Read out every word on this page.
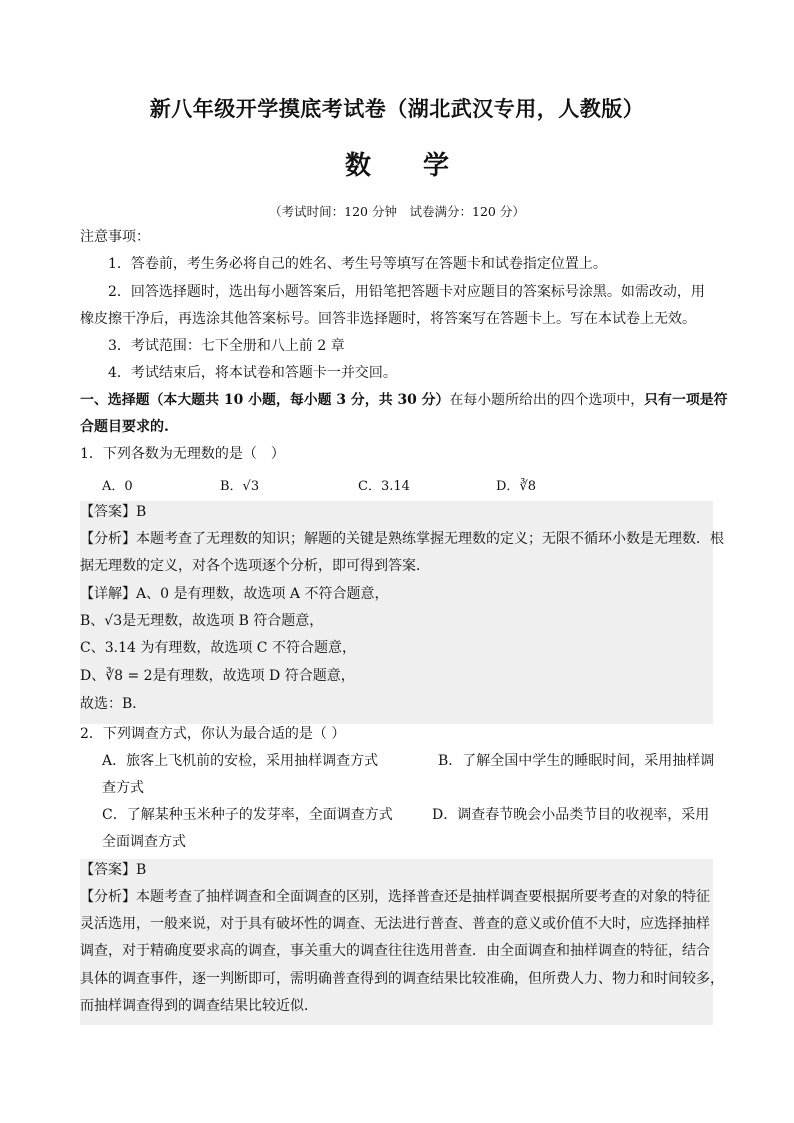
新八年级开学摸底考试卷（湖北武汉专用，人教版）
数学
（考试时间：120 分钟　试卷满分：120 分）
注意事项：
1．答卷前，考生务必将自己的姓名、考生号等填写在答题卡和试卷指定位置上。
2．回答选择题时，选出每小题答案后，用铅笔把答题卡对应题目的答案标号涂黑。如需改动，用
橡皮擦干净后，再选涂其他答案标号。回答非选择题时，将答案写在答题卡上。写在本试卷上无效。
3．考试范围：七下全册和八上前 2 章
4．考试结束后，将本试卷和答题卡一并交回。
一、选择题（本大题共 10 小题，每小题 3 分，共 30 分）在每小题所给出的四个选项中，只有一项是符
合题目要求的.
1．下列各数为无理数的是（　）
A．0	B．√3	C．3.14	D．∛8
【答案】B
【分析】本题考查了无理数的知识；解题的关键是熟练掌握无理数的定义；无限不循环小数是无理数．根
据无理数的定义，对各个选项逐个分析，即可得到答案．
【详解】A、0 是有理数，故选项 A 不符合题意，
B、√3是无理数，故选项 B 符合题意，
C、3.14 为有理数，故选项 C 不符合题意，
D、∛8 = 2是有理数，故选项 D 符合题意，
故选：B．
2．下列调查方式，你认为最合适的是（ ）
A．旅客上飞机前的安检，采用抽样调查方式	B．了解全国中学生的睡眠时间，采用抽样调
查方式
C．了解某种玉米种子的发芽率，全面调查方式	D．调查春节晚会小品类节目的收视率，采用
全面调查方式
【答案】B
【分析】本题考查了抽样调查和全面调查的区别，选择普查还是抽样调查要根据所要考查的对象的特征
灵活选用，一般来说，对于具有破坏性的调查、无法进行普查、普查的意义或价值不大时，应选择抽样
调查，对于精确度要求高的调查，事关重大的调查往往选用普查．由全面调查和抽样调查的特征，结合
具体的调查事件，逐一判断即可，需明确普查得到的调查结果比较准确，但所费人力、物力和时间较多，
而抽样调查得到的调查结果比较近似．
